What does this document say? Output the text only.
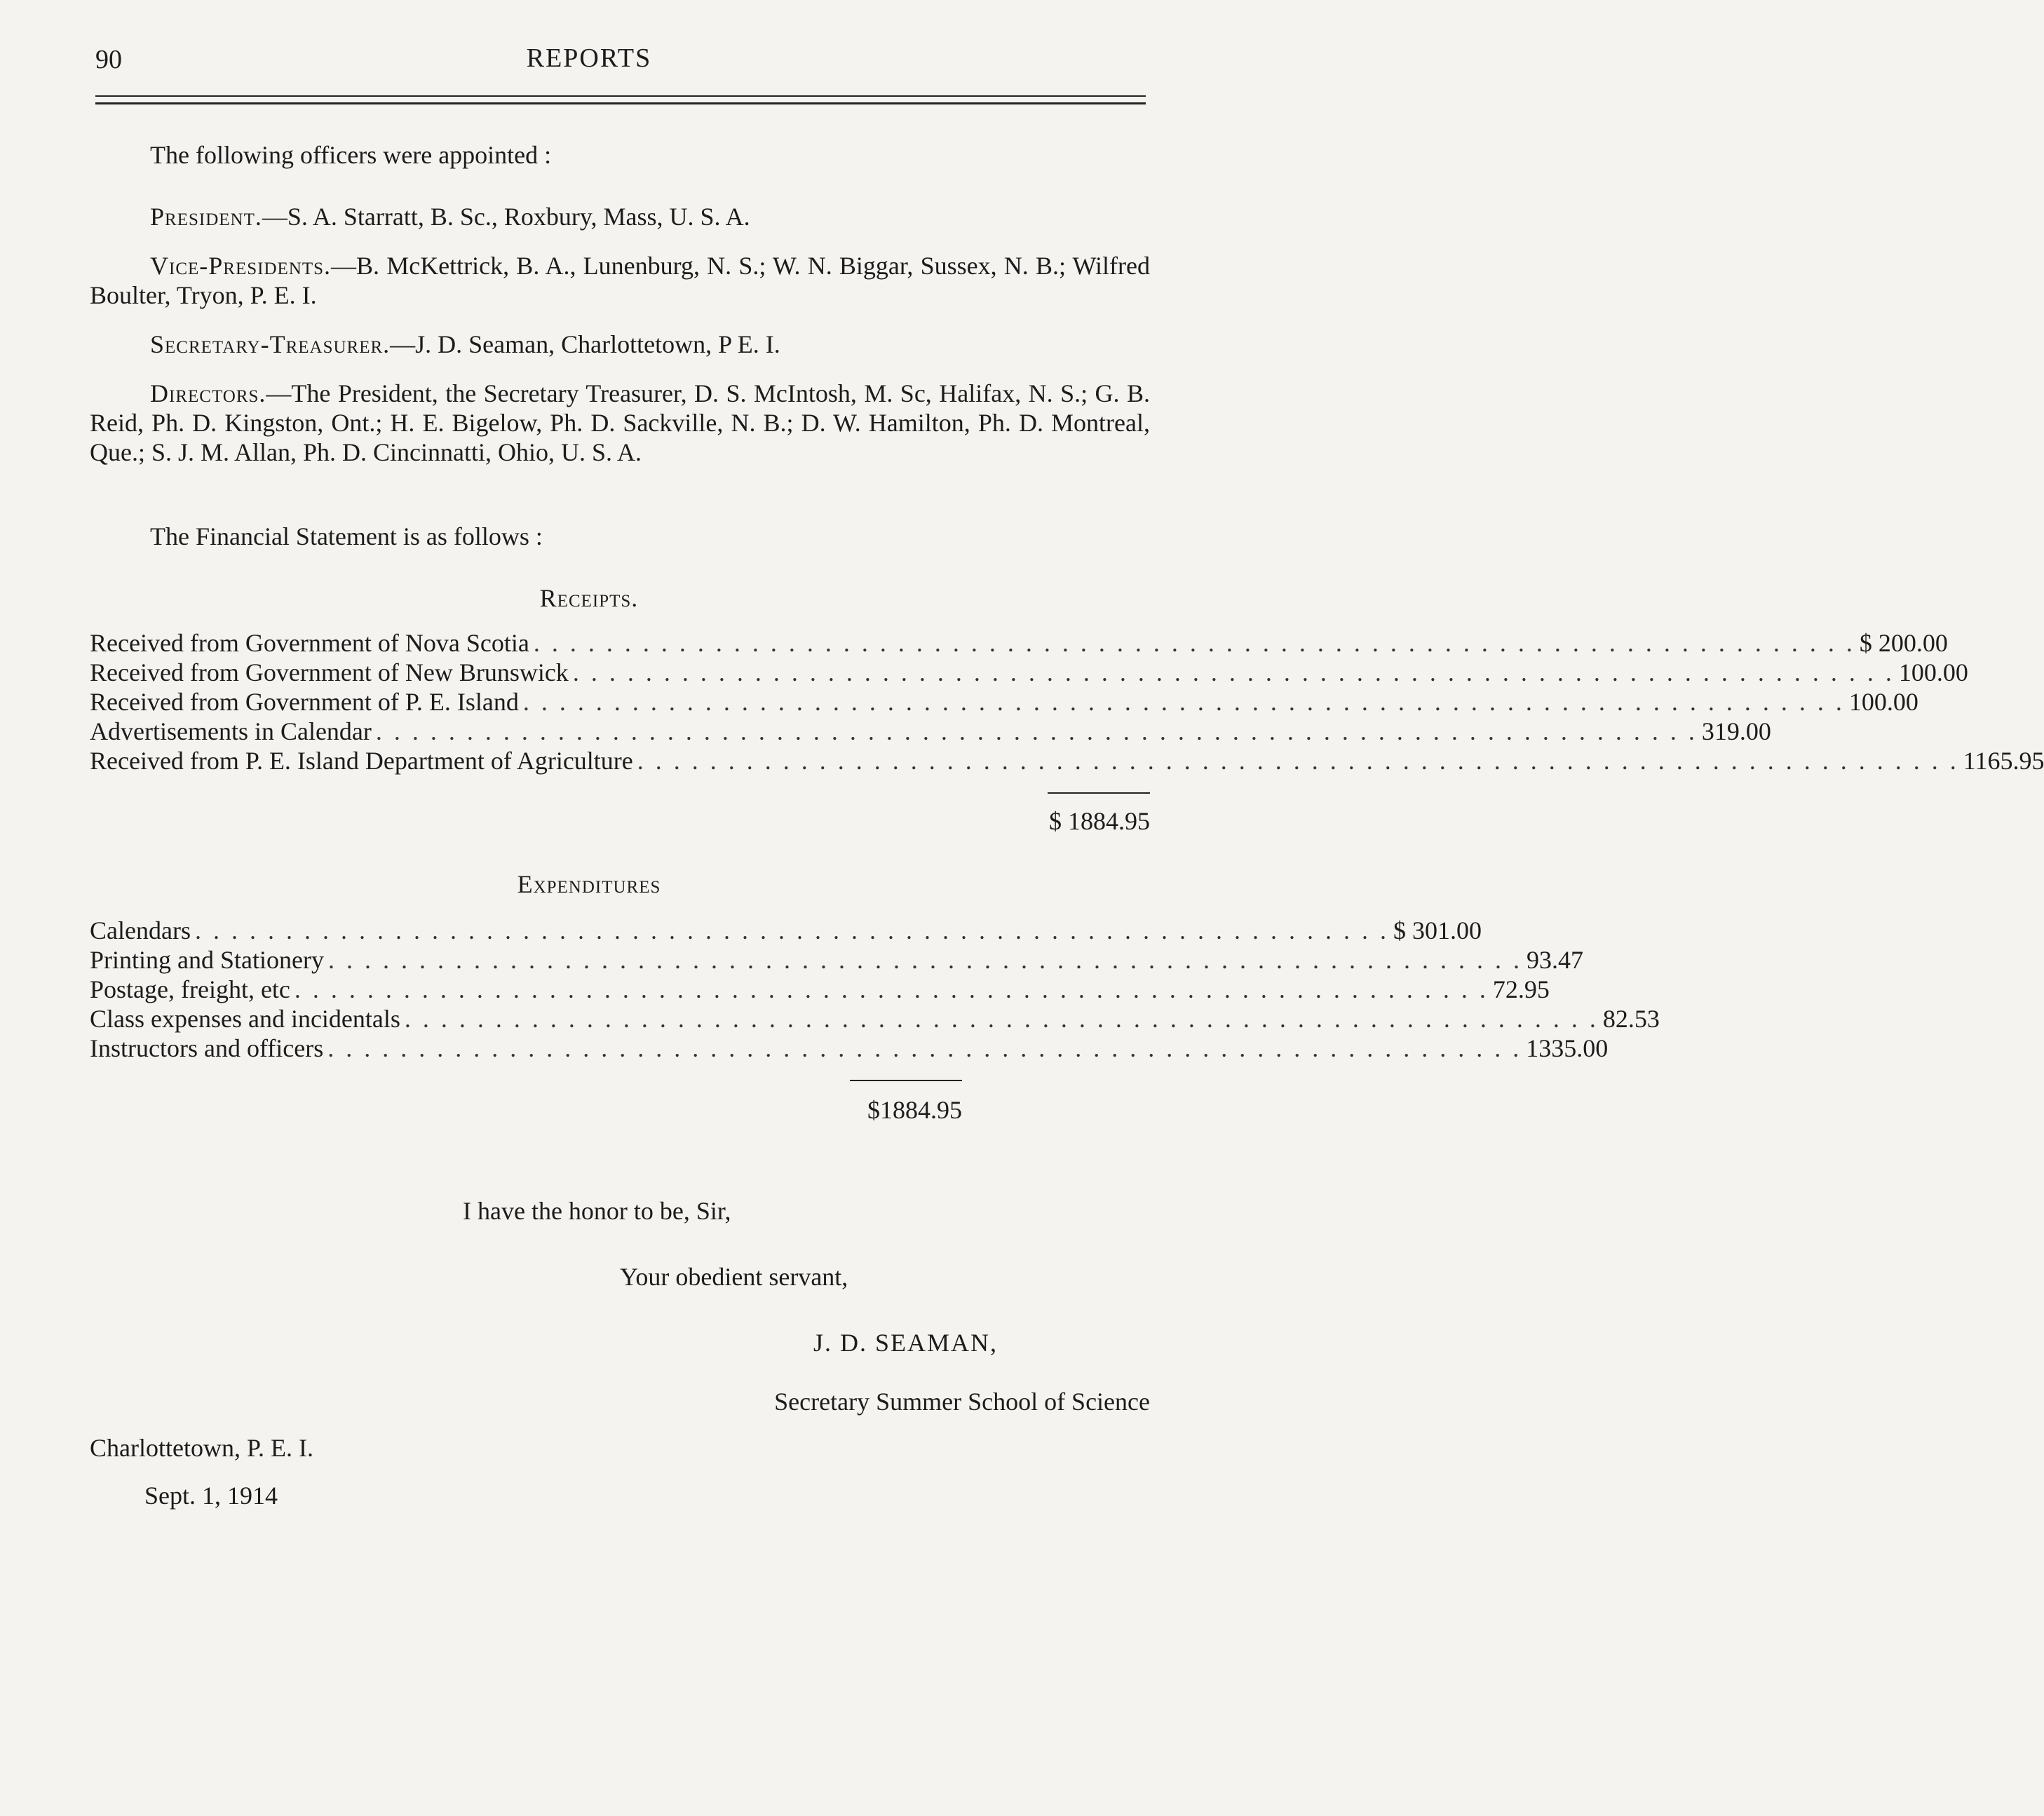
90	REPORTS
The following officers were appointed :
President.—S. A. Starratt, B. Sc., Roxbury, Mass, U. S. A.
Vice-Presidents.—B. McKettrick, B. A., Lunenburg, N. S.; W. N. Biggar, Sussex, N. B.; Wilfred Boulter, Tryon, P. E. I.
Secretary-Treasurer.—J. D. Seaman, Charlottetown, P E. I.
Directors.—The President, the Secretary Treasurer, D. S. McIntosh, M. Sc, Halifax, N. S.; G. B. Reid, Ph. D. Kingston, Ont.; H. E. Bigelow, Ph. D. Sackville, N. B.; D. W. Hamilton, Ph. D. Montreal, Que.; S. J. M. Allan, Ph. D. Cincinnatti, Ohio, U. S. A.
The Financial Statement is as follows :
Receipts.
Received from Government of Nova Scotia . . . . . . . . . . . . . . . . . . . . . . . . . . . . . . . . . . . . . . . . . . . . . . . . . . . . . . . . . . . . . . . . . . . . . . . . . $ 200.00
Received from Government of New Brunswick . . . . . . . . . . . . . . . . . . . . . . . . . . . . . . . . . . . . . . . . . . . . . . . . . . . . . . . . . . . . . . . . . . . . . . . . . 100.00
Received from Government of P. E. Island . . . . . . . . . . . . . . . . . . . . . . . . . . . . . . . . . . . . . . . . . . . . . . . . . . . . . . . . . . . . . . . . . . . . . . . . . 100.00
Advertisements in Calendar . . . . . . . . . . . . . . . . . . . . . . . . . . . . . . . . . . . . . . . . . . . . . . . . . . . . . . . . . . . . . . . . . . . . . . . . . 319.00
Received from P. E. Island Department of Agriculture . . . . . . . . . . . . . . . . . . . . . . . . . . . . . . . . . . . . . . . . . . . . . . . . . . . . . . . . . . . . . . . . . . . . . . . . . 1165.95
$ 1884.95
Expenditures
Calendars . . . . . . . . . . . . . . . . . . . . . . . . . . . . . . . . . . . . . . . . . . . . . . . . . . . . . . . . . . . . . . . . . . $ 301.00
Printing and Stationery . . . . . . . . . . . . . . . . . . . . . . . . . . . . . . . . . . . . . . . . . . . . . . . . . . . . . . . . . . . . . . . . . . 93.47
Postage, freight, etc . . . . . . . . . . . . . . . . . . . . . . . . . . . . . . . . . . . . . . . . . . . . . . . . . . . . . . . . . . . . . . . . . . 72.95
Class expenses and incidentals . . . . . . . . . . . . . . . . . . . . . . . . . . . . . . . . . . . . . . . . . . . . . . . . . . . . . . . . . . . . . . . . . . 82.53
Instructors and officers . . . . . . . . . . . . . . . . . . . . . . . . . . . . . . . . . . . . . . . . . . . . . . . . . . . . . . . . . . . . . . . . . . 1335.00
$1884.95
I have the honor to be, Sir,
Your obedient servant,
J. D. SEAMAN,
Secretary Summer School of Science
Charlottetown, P. E. I.
Sept. 1, 1914
